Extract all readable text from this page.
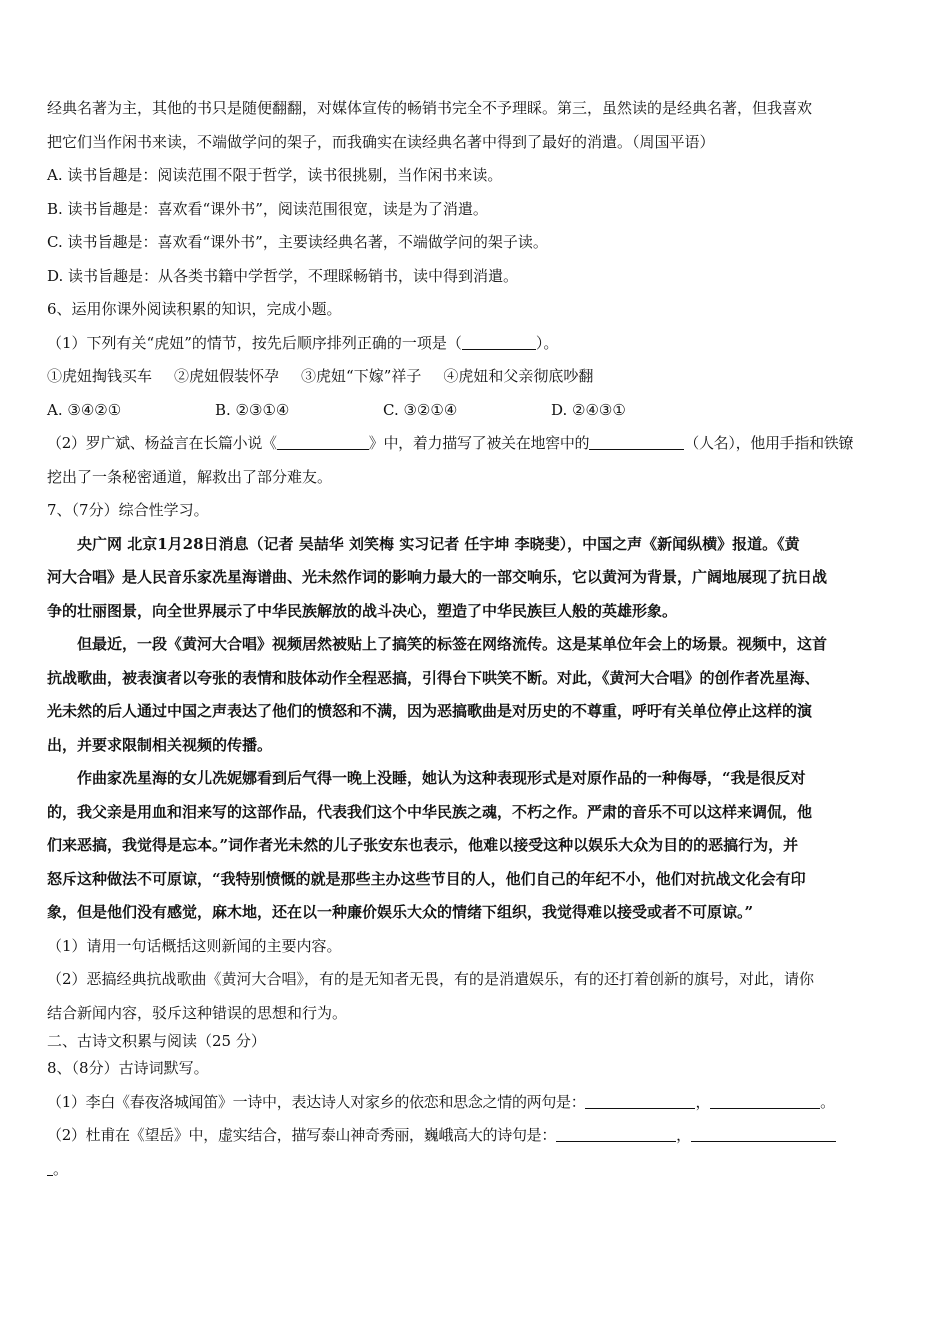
经典名著为主，其他的书只是随便翻翻，对媒体宣传的畅销书完全不予理睬。第三，虽然读的是经典名著，但我喜欢
把它们当作闲书来读，不端做学问的架子，而我确实在读经典名著中得到了最好的消遣。（周国平语）
A. 读书旨趣是：阅读范围不限于哲学，读书很挑剔，当作闲书来读。
B. 读书旨趣是：喜欢看“课外书”，阅读范围很宽，读是为了消遣。
C. 读书旨趣是：喜欢看“课外书”，主要读经典名著，不端做学问的架子读。
D. 读书旨趣是：从各类书籍中学哲学，不理睬畅销书，读中得到消遣。
6、运用你课外阅读积累的知识，完成小题。
（1）下列有关“虎妞”的情节，按先后顺序排列正确的一项是（	）。
①虎妞掏钱买车 ②虎妞假装怀孕 ③虎妞“下嫁”祥子 ④虎妞和父亲彻底吵翻
A. ③④②①	B. ②③①④	C. ③②①④	D. ②④③①
（2）罗广斌、杨益言在长篇小说《	》中，着力描写了被关在地窖中的	（人名），他用手指和铁镣
挖出了一条秘密通道，解救出了部分难友。
7、（7分）综合性学习。
央广网 北京1月28日消息（记者 吴喆华 刘笑梅 实习记者 任宇坤 李晓斐），中国之声《新闻纵横》报道。《黄
河大合唱》是人民音乐家冼星海谱曲、光未然作词的影响力最大的一部交响乐，它以黄河为背景，广阔地展现了抗日战
争的壮丽图景，向全世界展示了中华民族解放的战斗决心，塑造了中华民族巨人般的英雄形象。
但最近，一段《黄河大合唱》视频居然被贴上了搞笑的标签在网络流传。这是某单位年会上的场景。视频中，这首
抗战歌曲，被表演者以夸张的表情和肢体动作全程恶搞，引得台下哄笑不断。对此，《黄河大合唱》的创作者冼星海、
光未然的后人通过中国之声表达了他们的愤怒和不满，因为恶搞歌曲是对历史的不尊重，呼吁有关单位停止这样的演
出，并要求限制相关视频的传播。
作曲家冼星海的女儿冼妮娜看到后气得一晚上没睡，她认为这种表现形式是对原作品的一种侮辱，“我是很反对
的，我父亲是用血和泪来写的这部作品，代表我们这个中华民族之魂，不朽之作。严肃的音乐不可以这样来调侃，他
们来恶搞，我觉得是忘本。”词作者光未然的儿子张安东也表示，他难以接受这种以娱乐大众为目的的恶搞行为，并
怒斥这种做法不可原谅，“我特别愤慨的就是那些主办这些节目的人，他们自己的年纪不小，他们对抗战文化会有印
象，但是他们没有感觉，麻木地，还在以一种廉价娱乐大众的情绪下组织，我觉得难以接受或者不可原谅。”
（1）请用一句话概括这则新闻的主要内容。
（2）恶搞经典抗战歌曲《黄河大合唱》，有的是无知者无畏，有的是消遣娱乐，有的还打着创新的旗号，对此，请你
结合新闻内容，驳斥这种错误的思想和行为。
二、古诗文积累与阅读（25 分）
8、（8分）古诗词默写。
（1）李白《春夜洛城闻笛》一诗中，表达诗人对家乡的依恋和思念之情的两句是：	，	。
（2）杜甫在《望岳》中，虚实结合，描写泰山神奇秀丽，巍峨高大的诗句是：	，
。
